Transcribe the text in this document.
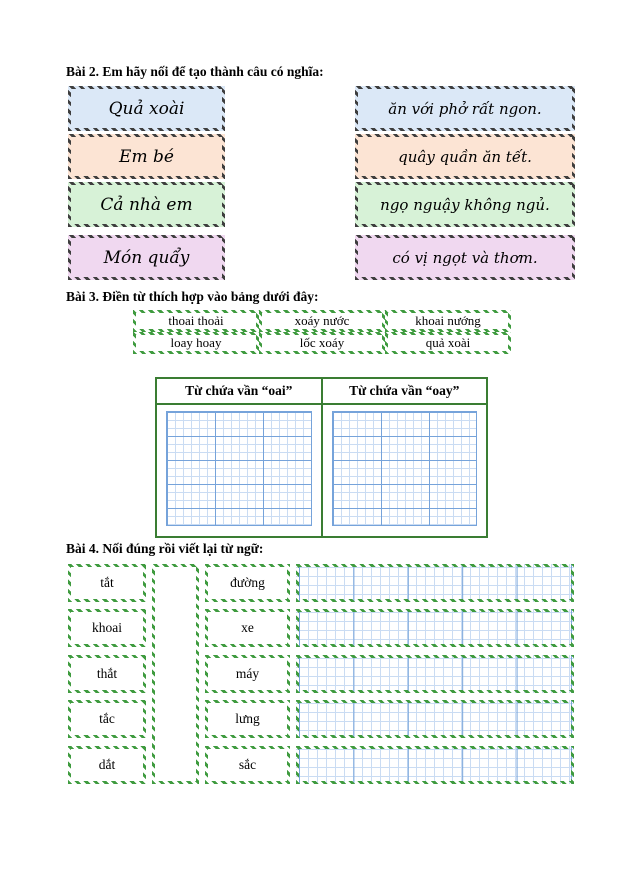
Bài 2. Em hãy nối để tạo thành câu có nghĩa:
Quả xoài
Em bé
Cả nhà em
Món quẩy
ăn với phở rất ngon.
quây quần ăn tết.
ngọ nguậy không ngủ.
có vị ngọt và thơm.
Bài 3. Điền từ thích hợp vào bảng dưới đây:
thoai thoải	xoáy nước	khoai nướng
loay hoay	lốc xoáy	quả xoài
Từ chứa vần “oai”	Từ chứa vần “oay”
Bài 4. Nối đúng rồi viết lại từ ngữ:
tắt
khoai
thắt
tắc
dắt
đường
xe
máy
lưng
sắc
